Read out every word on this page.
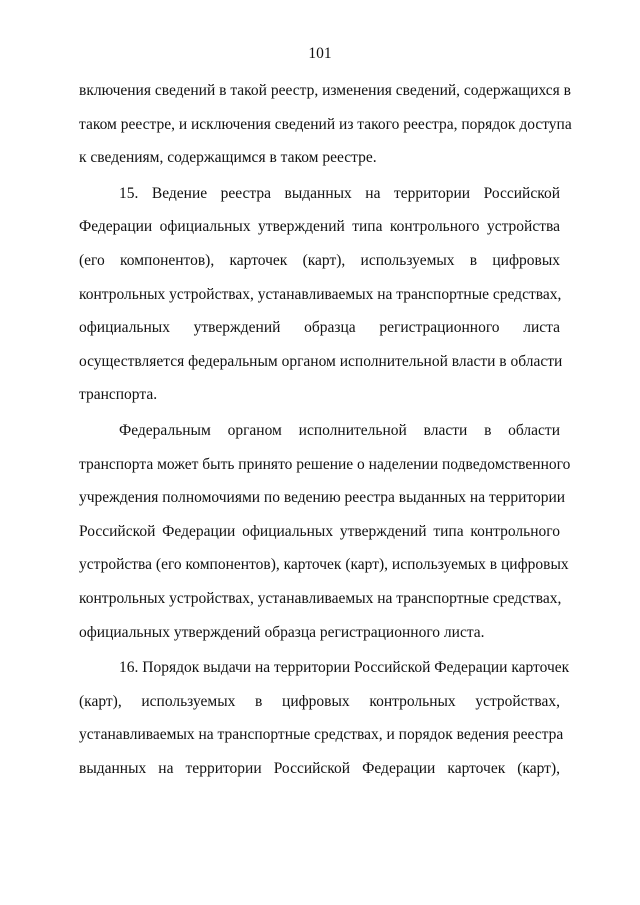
101
включения сведений в такой реестр, изменения сведений, содержащихся в
таком реестре, и исключения сведений из такого реестра, порядок доступа
к сведениям, содержащимся в таком реестре.
15. Ведение реестра выданных на территории Российской
Федерации официальных утверждений типа контрольного устройства
(его компонентов), карточек (карт), используемых в цифровых
контрольных устройствах, устанавливаемых на транспортные средствах,
официальных утверждений образца регистрационного листа
осуществляется федеральным органом исполнительной власти в области
транспорта.
Федеральным органом исполнительной власти в области
транспорта может быть принято решение о наделении подведомственного
учреждения полномочиями по ведению реестра выданных на территории
Российской Федерации официальных утверждений типа контрольного
устройства (его компонентов), карточек (карт), используемых в цифровых
контрольных устройствах, устанавливаемых на транспортные средствах,
официальных утверждений образца регистрационного листа.
16. Порядок выдачи на территории Российской Федерации карточек
(карт), используемых в цифровых контрольных устройствах,
устанавливаемых на транспортные средствах, и порядок ведения реестра
выданных на территории Российской Федерации карточек (карт),
